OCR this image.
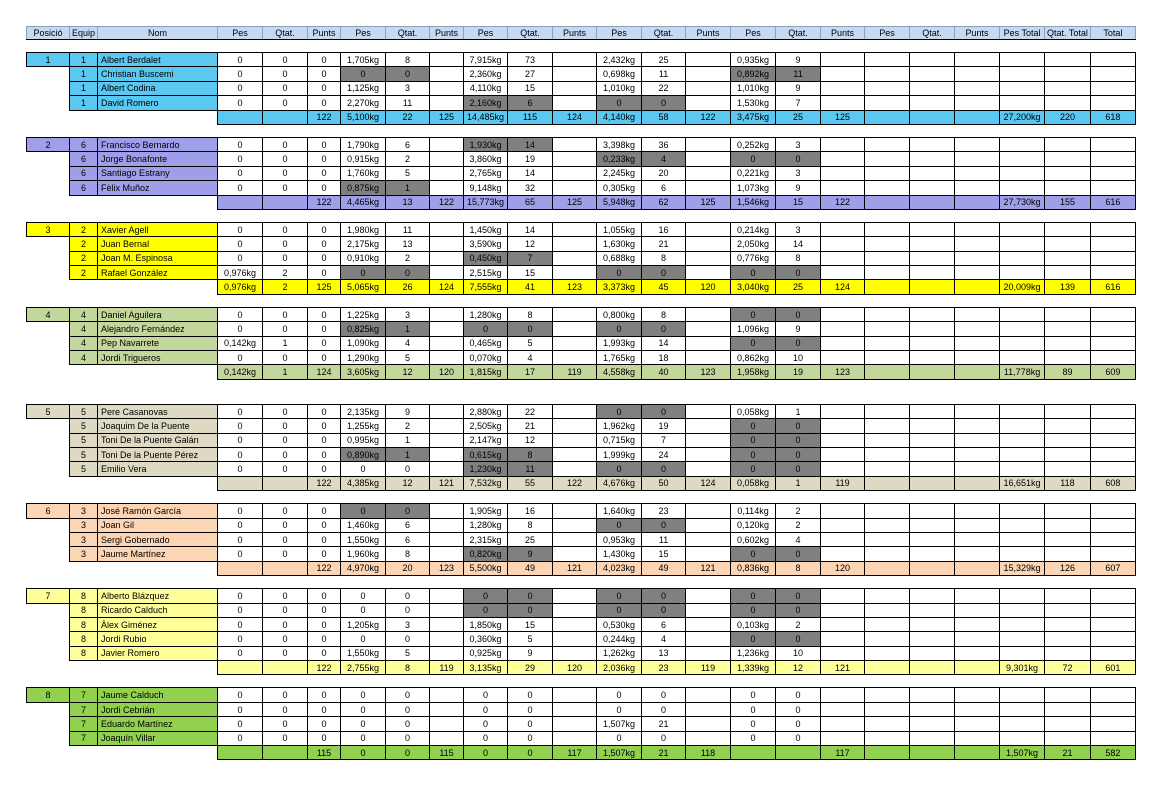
Posició	Equip	Nom	Pes	Qtat.	Punts	Pes	Qtat.	Punts	Pes	Qtat.	Punts	Pes	Qtat.	Punts	Pes	Qtat.	Punts	Pes	Qtat.	Punts	Pes Total	Qtat. Total	Total

1	1	Albert Berdalet	0	0	0	1,705kg	8		7,915kg	73		2,432kg	25		0,935kg	9							
	1	Christian Buscemi	0	0	0	0	0		2,360kg	27		0,698kg	11		0,892kg	11							
	1	Albert Codina	0	0	0	1,125kg	3		4,110kg	15		1,010kg	22		1,010kg	9							
	1	David Romero	0	0	0	2,270kg	11		2,160kg	6		0	0		1,530kg	7							
					122	5,100kg	22	125	14,485kg	115	124	4,140kg	58	122	3,475kg	25	125				27,200kg	220	618

2	6	Francisco Bernardo	0	0	0	1,790kg	6		1,930kg	14		3,398kg	36		0,252kg	3							
	6	Jorge Bonafonte	0	0	0	0,915kg	2		3,860kg	19		0,233kg	4		0	0							
	6	Santiago Estrany	0	0	0	1,760kg	5		2,765kg	14		2,245kg	20		0,221kg	3							
	6	Fèlix Muñoz	0	0	0	0,875kg	1		9,148kg	32		0,305kg	6		1,073kg	9							
					122	4,465kg	13	122	15,773kg	65	125	5,948kg	62	125	1,546kg	15	122				27,730kg	155	616

3	2	Xavier Agell	0	0	0	1,980kg	11		1,450kg	14		1,055kg	16		0,214kg	3							
	2	Juan Bernal	0	0	0	2,175kg	13		3,590kg	12		1,630kg	21		2,050kg	14							
	2	Joan M. Espinosa	0	0	0	0,910kg	2		0,450kg	7		0,688kg	8		0,776kg	8							
	2	Rafael González	0,976kg	2	0	0	0		2,515kg	15		0	0		0	0							
			0,976kg	2	125	5,065kg	26	124	7,555kg	41	123	3,373kg	45	120	3,040kg	25	124				20,009kg	139	616

4	4	Daniel Aguilera	0	0	0	1,225kg	3		1,280kg	8		0,800kg	8		0	0							
	4	Alejandro Fernández	0	0	0	0,825kg	1		0	0		0	0		1,096kg	9							
	4	Pep Navarrete	0,142kg	1	0	1,090kg	4		0,465kg	5		1,993kg	14		0	0							
	4	Jordi Trigueros	0	0	0	1,290kg	5		0,070kg	4		1,765kg	18		0,862kg	10							
			0,142kg	1	124	3,605kg	12	120	1,815kg	17	119	4,558kg	40	123	1,958kg	19	123				11,778kg	89	609

5	5	Pere Casanovas	0	0	0	2,135kg	9		2,880kg	22		0	0		0,058kg	1							
	5	Joaquim De la Puente	0	0	0	1,255kg	2		2,505kg	21		1,962kg	19		0	0							
	5	Toni De la Puente Galán	0	0	0	0,995kg	1		2,147kg	12		0,715kg	7		0	0							
	5	Toni De la Puente Pérez	0	0	0	0,890kg	1		0,615kg	8		1,999kg	24		0	0							
	5	Emilio Vera	0	0	0	0	0		1,230kg	11		0	0		0	0							
					122	4,385kg	12	121	7,532kg	55	122	4,676kg	50	124	0,058kg	1	119				16,651kg	118	608

6	3	José Ramón García	0	0	0	0	0		1,905kg	16		1,640kg	23		0,114kg	2							
	3	Joan Gil	0	0	0	1,460kg	6		1,280kg	8		0	0		0,120kg	2							
	3	Sergi Gobernado	0	0	0	1,550kg	6		2,315kg	25		0,953kg	11		0,602kg	4							
	3	Jaume Martínez	0	0	0	1,960kg	8		0,820kg	9		1,430kg	15		0	0							
					122	4,970kg	20	123	5,500kg	49	121	4,023kg	49	121	0,836kg	8	120				15,329kg	126	607

7	8	Alberto Blázquez	0	0	0	0	0		0	0		0	0		0	0							
	8	Ricardo Calduch	0	0	0	0	0		0	0		0	0		0	0							
	8	Àlex Giménez	0	0	0	1,205kg	3		1,850kg	15		0,530kg	6		0,103kg	2							
	8	Jordi Rubio	0	0	0	0	0		0,360kg	5		0,244kg	4		0	0							
	8	Javier Romero	0	0	0	1,550kg	5		0,925kg	9		1,262kg	13		1,236kg	10							
					122	2,755kg	8	119	3,135kg	29	120	2,036kg	23	119	1,339kg	12	121				9,301kg	72	601

8	7	Jaume Calduch	0	0	0	0	0		0	0		0	0		0	0							
	7	Jordi Cebrián	0	0	0	0	0		0	0		0	0		0	0							
	7	Eduardo Martínez	0	0	0	0	0		0	0		1,507kg	21		0	0							
	7	Joaquín Villar	0	0	0	0	0		0	0		0	0		0	0							
					115	0	0	115	0	0	117	1,507kg	21	118			117				1,507kg	21	582
